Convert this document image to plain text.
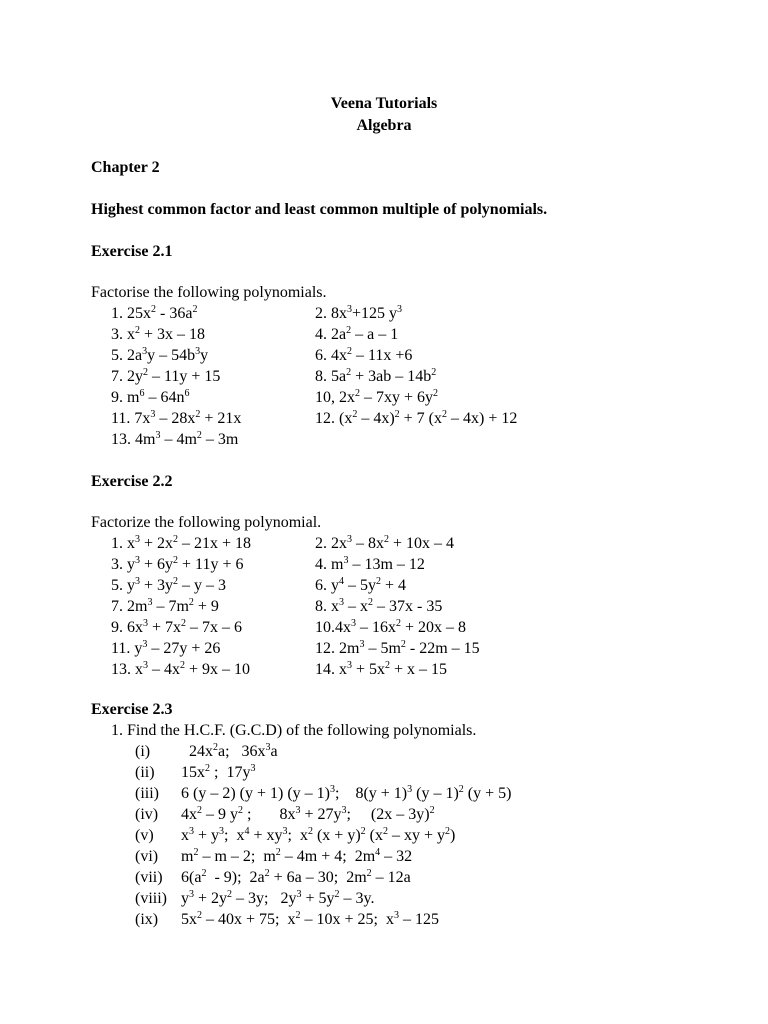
Veena Tutorials
Algebra
Chapter 2
Highest common factor and least common multiple of polynomials.
Exercise 2.1
Factorise the following polynomials.
1. $25x^2 - 36a^2$	2. $8x^3+125$ $y^3$
3. $x^2 + 3x - 18$	4. $2a^2$ – a – 1
5. $2a^3y - 54b^3y$	6. $4x^2 - 11x +6$
7. $2y^2 - 11y + 15$	8. $5a^2 + 3ab - 14b^2$
9. $m^6 - 64n^6$	10, $2x^2 - 7xy + 6y^2$
11. $7x^3 - 28x^2 + 21x$	12. $(x^2 - 4x)^2 + 7$ $(x^2 - 4x) + 12$
13. $4m^3 - 4m^2 - 3m$
Exercise 2.2
Factorize the following polynomial.
1. $x^3 + 2x^2 - 21x + 18$	2. $2x^3 - 8x^2 + 10x - 4$
3. $y^3 + 6y^2 + 11y + 6$	4. $m^3 - 13m - 12$
5. $y^3 + 3y^2 - y - 3$	6. $y^4 - 5y^2 + 4$
7. $2m^3 - 7m^2 + 9$	8. $x^3 - x^2 - 37x - 35$
9. $6x^3 + 7x^2 - 7x - 6$	$10.4x^3 - 16x^2 + 20x - 8$
11. $y^3 - 27y + 26$	12. $2m^3 - 5m^2 - 22m - 15$
13. $x^3 - 4x^2 + 9x - 10$	14. $x^3 + 5x^2 + x - 15$
Exercise 2.3
1. Find the H.C.F. (G.C.D) of the following polynomials.
(i) $24x^2a$;   $36x^3a$
(ii) $15x^2$ ;  $17y^3$
(iii) 6 (y – 2) (y + 1) (y – 1)$^3$;    $8(y + 1)^3$ (y – 1)$^2$ (y + 5)
(iv) $4x^2 - 9$ $y^2$ ;       $8x^3 + 27y^3$;     (2x – 3y)$^2$
(v) $x^3 + y^3$;  $x^4 + xy^3$;  $x^2$ $(x + y)^2$ ($x^2$ – xy + $y^2$)
(vi) $m^2$ – m – 2;  $m^2 - 4m + 4$;  $2m^4 - 32$
(vii) $6(a^2 - 9)$;  $2a^2 + 6a - 30$;  $2m^2 - 12a$
(viii) $y^3 + 2y^2 - 3y$;   $2y^3 + 5y^2 - 3y$.
(ix) $5x^2 - 40x + 75$;  $x^2 - 10x + 25$;  $x^3 - 125$
